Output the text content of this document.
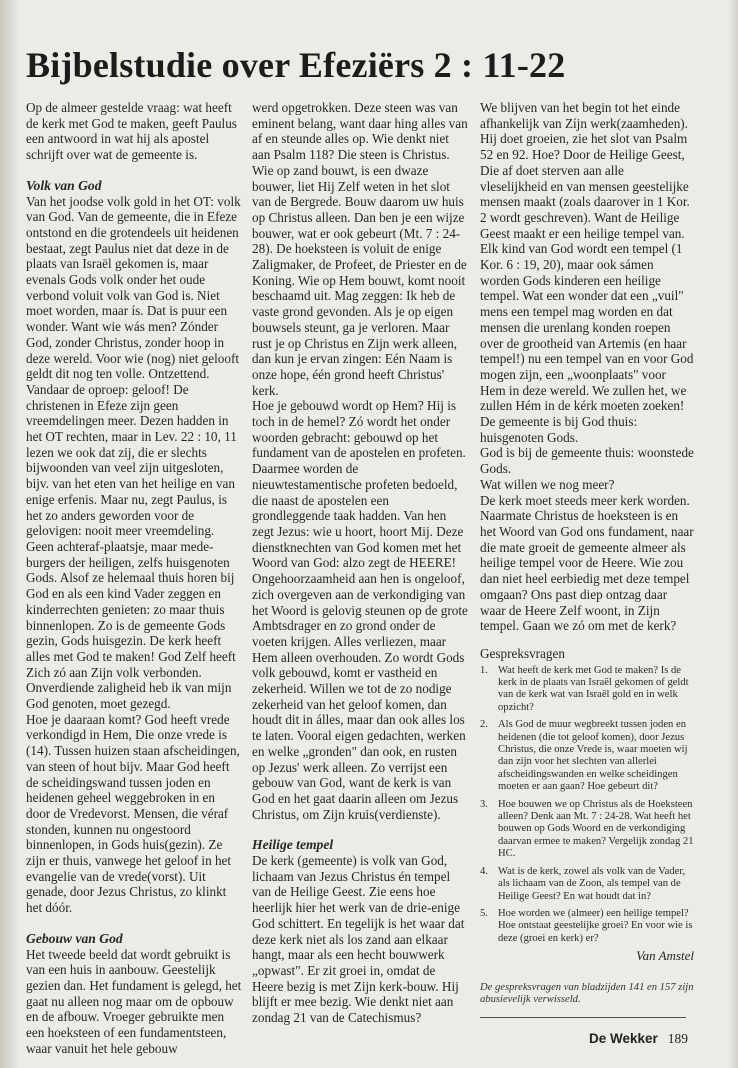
Bijbelstudie over Efeziërs 2 : 11-22

Op de almeer gestelde vraag: wat heeft de kerk met God te maken, geeft Paulus een antwoord in wat hij als apostel schrijft over wat de gemeente is.

Volk van God

Van het joodse volk gold in het OT: volk van God. Van de gemeente, die in Efeze ontstond en die grotendeels uit heidenen bestaat, zegt Paulus niet dat deze in de plaats van Israël gekomen is, maar evenals Gods volk onder het oude verbond voluit volk van God is. Niet moet worden, maar ís. Dat is puur een wonder. Want wie wás men? Zónder God, zonder Christus, zonder hoop in deze wereld. Voor wie (nog) niet gelooft geldt dit nog ten volle. Ontzettend. Vandaar de oproep: geloof! De christenen in Efeze zijn geen vreemdelingen meer. Dezen hadden in het OT rechten, maar in Lev. 22 : 10, 11 lezen we ook dat zij, die er slechts bijwoonden van veel zijn uitgesloten, bijv. van het eten van het heilige en van enige erfenis. Maar nu, zegt Paulus, is het zo anders geworden voor de gelovigen: nooit meer vreemdeling. Geen achteraf-plaatsje, maar mede-burgers der heiligen, zelfs huisgenoten Gods. Alsof ze helemaal thuis horen bij God en als een kind Vader zeggen en kinderrechten genieten: zo maar thuis binnenlopen. Zo is de gemeente Gods gezin, Gods huisgezin. De kerk heeft alles met God te maken! God Zelf heeft Zich zó aan Zijn volk verbonden. Onverdiende zaligheid heb ik van mijn God genoten, moet gezegd.

Hoe je daaraan komt? God heeft vrede verkondigd in Hem, Die onze vrede is (14). Tussen huizen staan afscheidingen, van steen of hout bijv. Maar God heeft de scheidingswand tussen joden en heidenen geheel weggebroken in en door de Vredevorst. Mensen, die véraf stonden, kunnen nu ongestoord binnenlopen, in Gods huis(gezin). Ze zijn er thuis, vanwege het geloof in het evangelie van de vrede(vorst). Uit genade, door Jezus Christus, zo klinkt het dóór.

Gebouw van God

Het tweede beeld dat wordt gebruikt is van een huis in aanbouw. Geestelijk gezien dan. Het fundament is gelegd, het gaat nu alleen nog maar om de opbouw en de afbouw. Vroeger gebruikte men een hoeksteen of een fundamentsteen, waar vanuit het hele gebouw

werd opgetrokken. Deze steen was van eminent belang, want daar hing alles van af en steunde alles op. Wie denkt niet aan Psalm 118? Die steen is Christus. Wie op zand bouwt, is een dwaze bouwer, liet Hij Zelf weten in het slot van de Bergrede. Bouw daarom uw huis op Christus alleen. Dan ben je een wijze bouwer, wat er ook gebeurt (Mt. 7 : 24-28). De hoeksteen is voluit de enige Zaligmaker, de Profeet, de Priester en de Koning. Wie op Hem bouwt, komt nooit beschaamd uit. Mag zeggen: Ik heb de vaste grond gevonden. Als je op eigen bouwsels steunt, ga je verloren. Maar rust je op Christus en Zijn werk alleen, dan kun je ervan zingen: Eén Naam is onze hope, één grond heeft Christus' kerk.

Hoe je gebouwd wordt op Hem? Hij is toch in de hemel? Zó wordt het onder woorden gebracht: gebouwd op het fundament van de apostelen en profeten. Daarmee worden de nieuwtestamentische profeten bedoeld, die naast de apostelen een grondleggende taak hadden. Van hen zegt Jezus: wie u hoort, hoort Mij. Deze dienstknechten van God komen met het Woord van God: alzo zegt de HEERE! Ongehoorzaamheid aan hen is ongeloof, zich overgeven aan de verkondiging van het Woord is gelovig steunen op de grote Ambtsdrager en zo grond onder de voeten krijgen. Alles verliezen, maar Hem alleen overhouden. Zo wordt Gods volk gebouwd, komt er vastheid en zekerheid. Willen we tot de zo nodige zekerheid van het geloof komen, dan houdt dit in álles, maar dan ook alles los te laten. Vooral eigen gedachten, werken en welke „gronden" dan ook, en rusten op Jezus' werk alleen. Zo verrijst een gebouw van God, want de kerk is van God en het gaat daarin alleen om Jezus Christus, om Zijn kruis(verdienste).

Heilige tempel

De kerk (gemeente) is volk van God, lichaam van Jezus Christus én tempel van de Heilige Geest. Zie eens hoe heerlijk hier het werk van de drie-enige God schittert. En tegelijk is het waar dat deze kerk niet als los zand aan elkaar hangt, maar als een hecht bouwwerk „opwast". Er zit groei in, omdat de Heere bezig is met Zijn kerk-bouw. Hij blijft er mee bezig. Wie denkt niet aan zondag 21 van de Catechismus?

We blijven van het begin tot het einde afhankelijk van Zíjn werk(zaamheden). Hij doet groeien, zie het slot van Psalm 52 en 92. Hoe? Door de Heilige Geest, Die af doet sterven aan alle vleselijkheid en van mensen geestelijke mensen maakt (zoals daarover in 1 Kor. 2 wordt geschreven). Want de Heilige Geest maakt er een heilige tempel van. Elk kind van God wordt een tempel (1 Kor. 6 : 19, 20), maar ook sámen worden Gods kinderen een heilige tempel. Wat een wonder dat een „vuil" mens een tempel mag worden en dat mensen die urenlang konden roepen over de grootheid van Artemis (en haar tempel!) nu een tempel van en voor God mogen zijn, een „woonplaats" voor Hem in deze wereld. We zullen het, we zullen Hém in de kérk moeten zoeken! De gemeente is bij God thuis: huisgenoten Gods.

God is bij de gemeente thuis: woonstede Gods.

Wat willen we nog meer?

De kerk moet steeds meer kerk worden. Naarmate Christus de hoeksteen is en het Woord van God ons fundament, naar die mate groeit de gemeente almeer als heilige tempel voor de Heere. Wie zou dan niet heel eerbiedig met deze tempel omgaan? Ons past diep ontzag daar waar de Heere Zelf woont, in Zijn tempel. Gaan we zó om met de kerk?

Gespreksvragen
1. Wat heeft de kerk met God te maken? Is de kerk in de plaats van Israël gekomen of geldt van de kerk wat van Israël gold en in welk opzicht?
2. Als God de muur wegbreekt tussen joden en heidenen (die tot geloof komen), door Jezus Christus, die onze Vrede is, waar moeten wij dan zijn voor het slechten van allerlei afscheidingswanden en welke scheidingen moeten er aan gaan? Hoe gebeurt dit?
3. Hoe bouwen we op Christus als de Hoeksteen alleen? Denk aan Mt. 7 : 24-28. Wat heeft het bouwen op Gods Woord en de verkondiging daarvan ermee te maken? Vergelijk zondag 21 HC.
4. Wat is de kerk, zowel als volk van de Vader, als lichaam van de Zoon, als tempel van de Heilige Geest? En wat houdt dat in?
5. Hoe worden we (almeer) een heilige tempel? Hoe ontstaat geestelijke groei? En voor wie is deze (groei en kerk) er?
Van Amstel
De gespreksvragen van bladzijden 141 en 157 zijn abusievelijk verwisseld.
De Wekker 189
